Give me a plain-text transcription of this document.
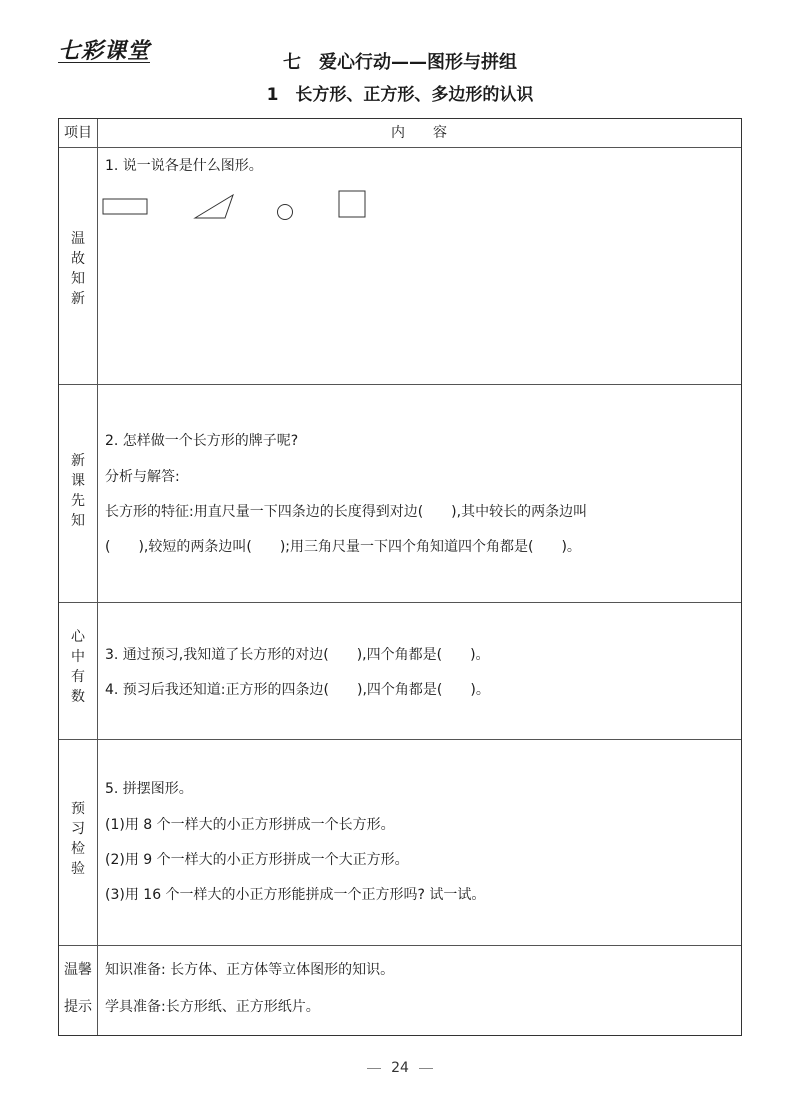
七彩课堂	七　爱心行动——图形与拼组
1　长方形、正方形、多边形的认识
项目	内容
温
故
知
新
1. 说一说各是什么图形。
新
课
先
知
2. 怎样做一个长方形的牌子呢?
分析与解答:
长方形的特征:用直尺量一下四条边的长度得到对边(　　),其中较长的两条边叫
(　　),较短的两条边叫(　　);用三角尺量一下四个角知道四个角都是(　　)。
心
中
有
数
3. 通过预习,我知道了长方形的对边(　　),四个角都是(　　)。
4. 预习后我还知道:正方形的四条边(　　),四个角都是(　　)。
预
习
检
验
5. 拼摆图形。
(1)用 8 个一样大的小正方形拼成一个长方形。
(2)用 9 个一样大的小正方形拼成一个大正方形。
(3)用 16 个一样大的小正方形能拼成一个正方形吗? 试一试。
温馨
提示
知识准备: 长方体、正方体等立体图形的知识。
学具准备:长方形纸、正方形纸片。
24
